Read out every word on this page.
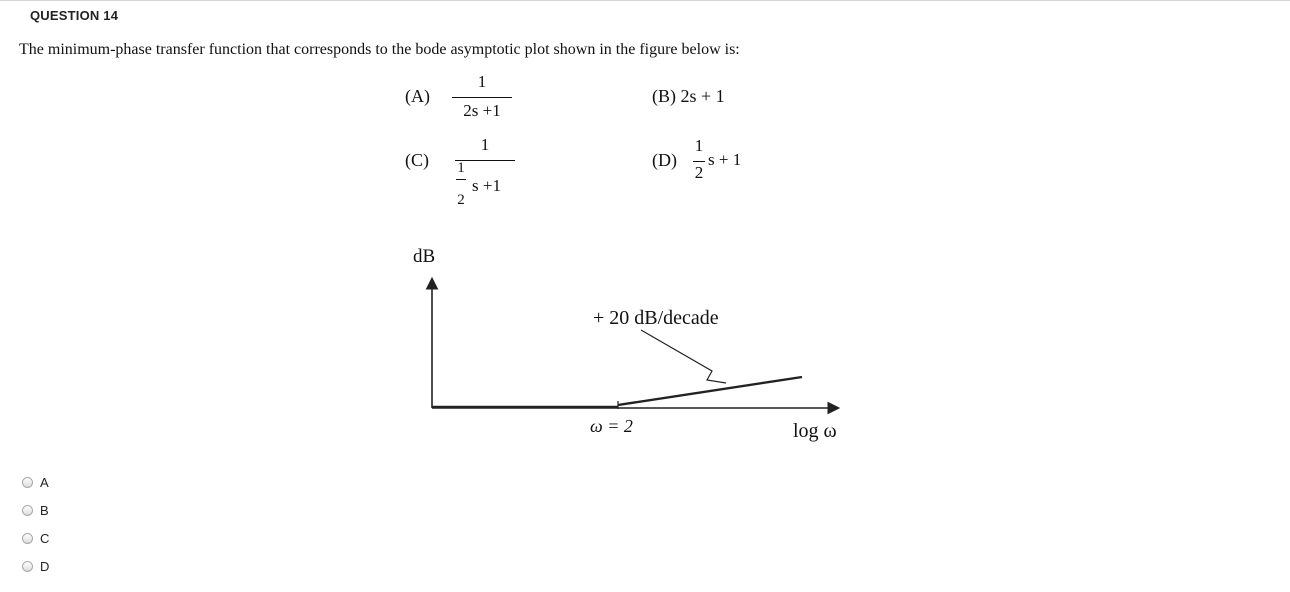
QUESTION 14
The minimum-phase transfer function that corresponds to the bode asymptotic plot shown in the figure below is:
(A)
1
2s +1
(B) 2s + 1
(C)
1
1
2
s +1
(D)
1
2
s + 1
dB
+ 20 dB/decade
ω = 2	log ω
A
B
C
D
